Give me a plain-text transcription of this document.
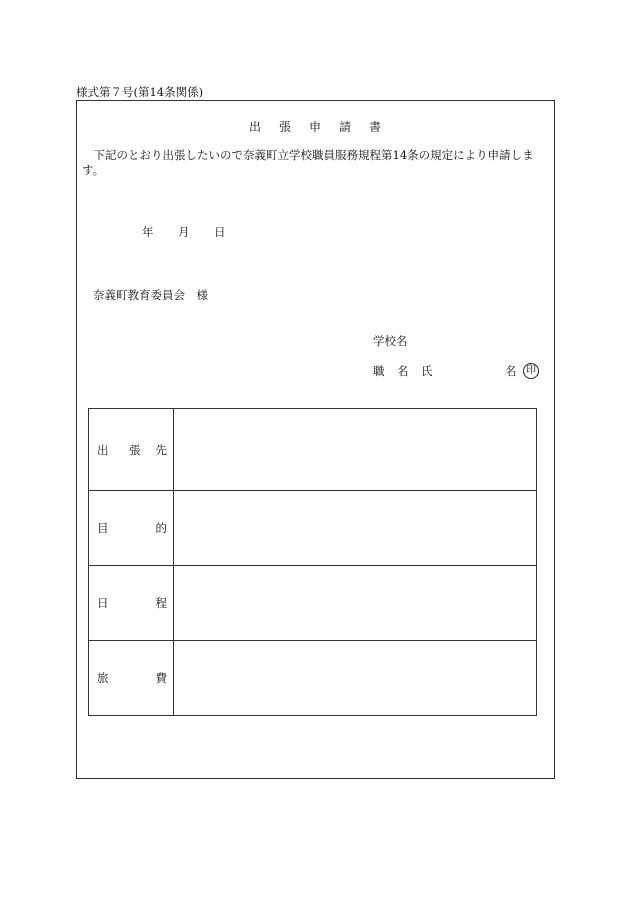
様式第７号(第14条関係)
出 張 申 請 書
　下記のとおり出張したいので奈義町立学校職員服務規程第14条の規定により申請します。
年 月 日
奈義町教育委員会　様
学校名
職 名 氏	名 印
出 張 先	

目 的	

日 程	

旅 費	
